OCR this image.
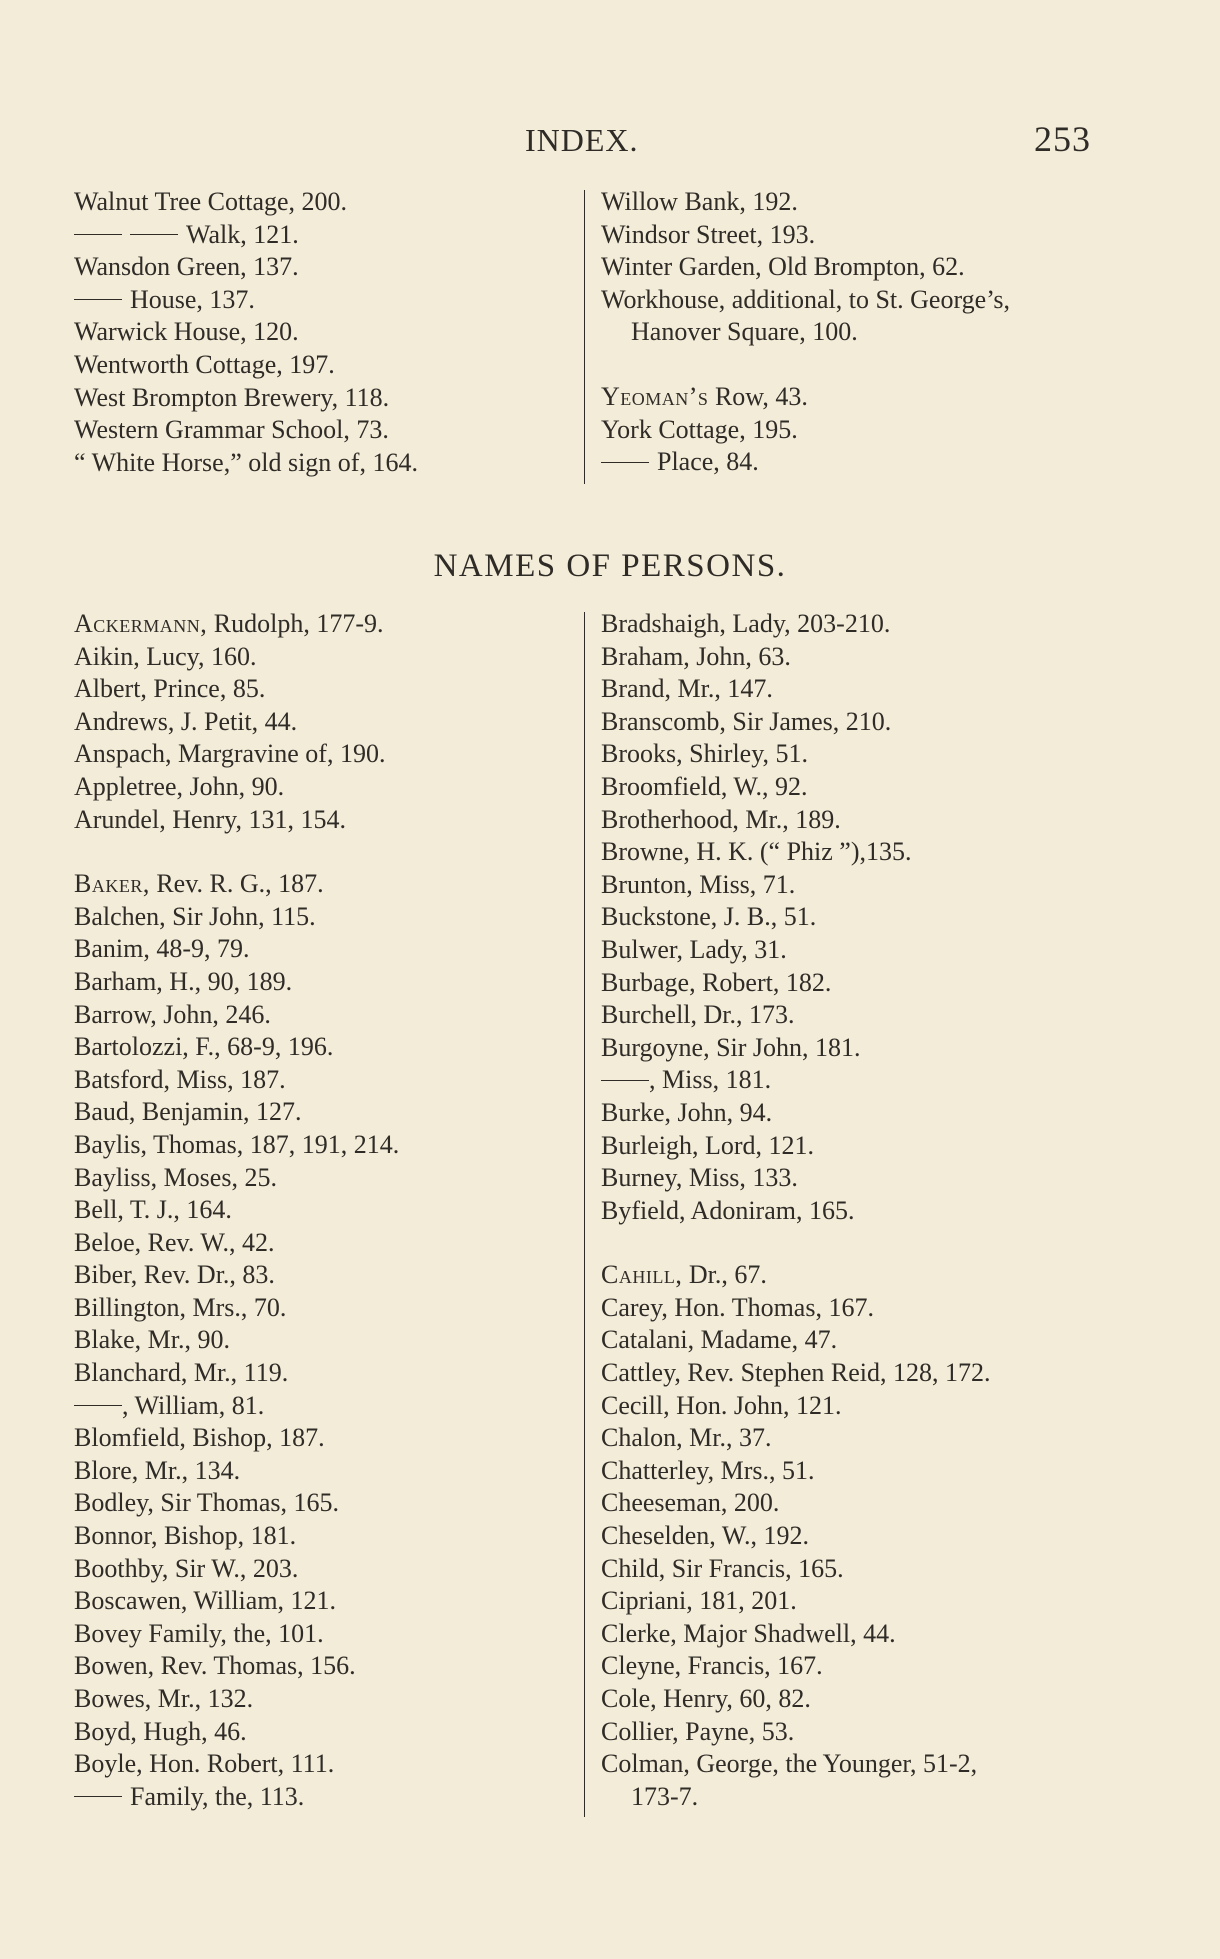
INDEX.	253
Walnut Tree Cottage, 200.
Walk, 121.
Wansdon Green, 137.
House, 137.
Warwick House, 120.
Wentworth Cottage, 197.
West Brompton Brewery, 118.
Western Grammar School, 73.
“ White Horse,” old sign of, 164.
Willow Bank, 192.
Windsor Street, 193.
Winter Garden, Old Brompton, 62.
Workhouse, additional, to St. George’s,
Hanover Square, 100.
Yeoman’s Row, 43.
York Cottage, 195.
Place, 84.
NAMES OF PERSONS.
Ackermann, Rudolph, 177-9.
Aikin, Lucy, 160.
Albert, Prince, 85.
Andrews, J. Petit, 44.
Anspach, Margravine of, 190.
Appletree, John, 90.
Arundel, Henry, 131, 154.
Baker, Rev. R. G., 187.
Balchen, Sir John, 115.
Banim, 48-9, 79.
Barham, H., 90, 189.
Barrow, John, 246.
Bartolozzi, F., 68-9, 196.
Batsford, Miss, 187.
Baud, Benjamin, 127.
Baylis, Thomas, 187, 191, 214.
Bayliss, Moses, 25.
Bell, T. J., 164.
Beloe, Rev. W., 42.
Biber, Rev. Dr., 83.
Billington, Mrs., 70.
Blake, Mr., 90.
Blanchard, Mr., 119.
, William, 81.
Blomfield, Bishop, 187.
Blore, Mr., 134.
Bodley, Sir Thomas, 165.
Bonnor, Bishop, 181.
Boothby, Sir W., 203.
Boscawen, William, 121.
Bovey Family, the, 101.
Bowen, Rev. Thomas, 156.
Bowes, Mr., 132.
Boyd, Hugh, 46.
Boyle, Hon. Robert, 111.
Family, the, 113.
Bradshaigh, Lady, 203-210.
Braham, John, 63.
Brand, Mr., 147.
Branscomb, Sir James, 210.
Brooks, Shirley, 51.
Broomfield, W., 92.
Brotherhood, Mr., 189.
Browne, H. K. (“ Phiz ”),135.
Brunton, Miss, 71.
Buckstone, J. B., 51.
Bulwer, Lady, 31.
Burbage, Robert, 182.
Burchell, Dr., 173.
Burgoyne, Sir John, 181.
, Miss, 181.
Burke, John, 94.
Burleigh, Lord, 121.
Burney, Miss, 133.
Byfield, Adoniram, 165.
Cahill, Dr., 67.
Carey, Hon. Thomas, 167.
Catalani, Madame, 47.
Cattley, Rev. Stephen Reid, 128, 172.
Cecill, Hon. John, 121.
Chalon, Mr., 37.
Chatterley, Mrs., 51.
Cheeseman, 200.
Cheselden, W., 192.
Child, Sir Francis, 165.
Cipriani, 181, 201.
Clerke, Major Shadwell, 44.
Cleyne, Francis, 167.
Cole, Henry, 60, 82.
Collier, Payne, 53.
Colman, George, the Younger, 51-2,
173-7.
